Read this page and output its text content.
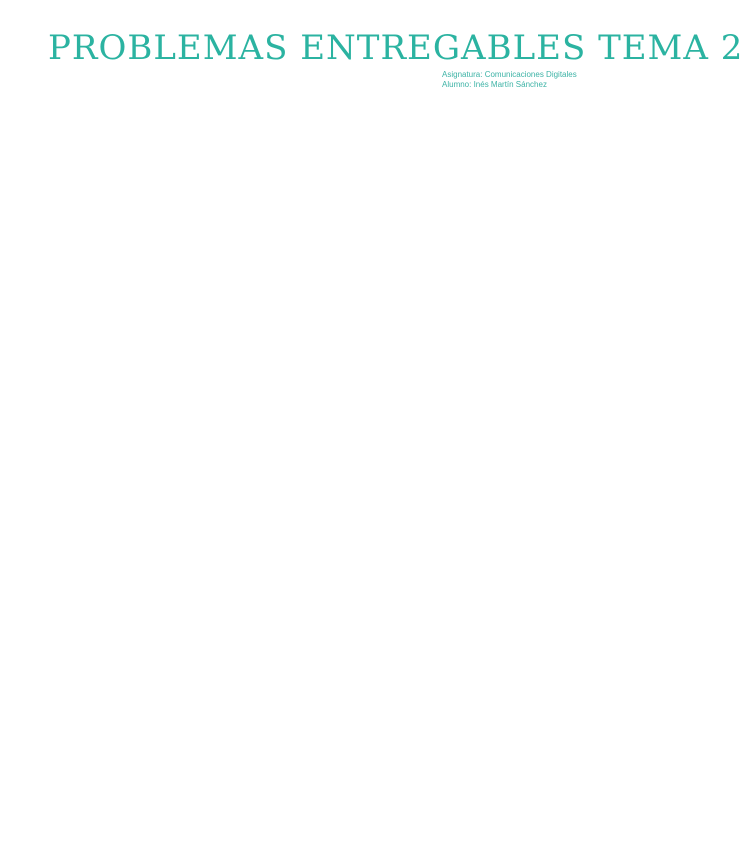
PROBLEMAS ENTREGABLES TEMA 2
Asignatura: Comunicaciones Digitales
Alumno: Inés Martín Sánchez
